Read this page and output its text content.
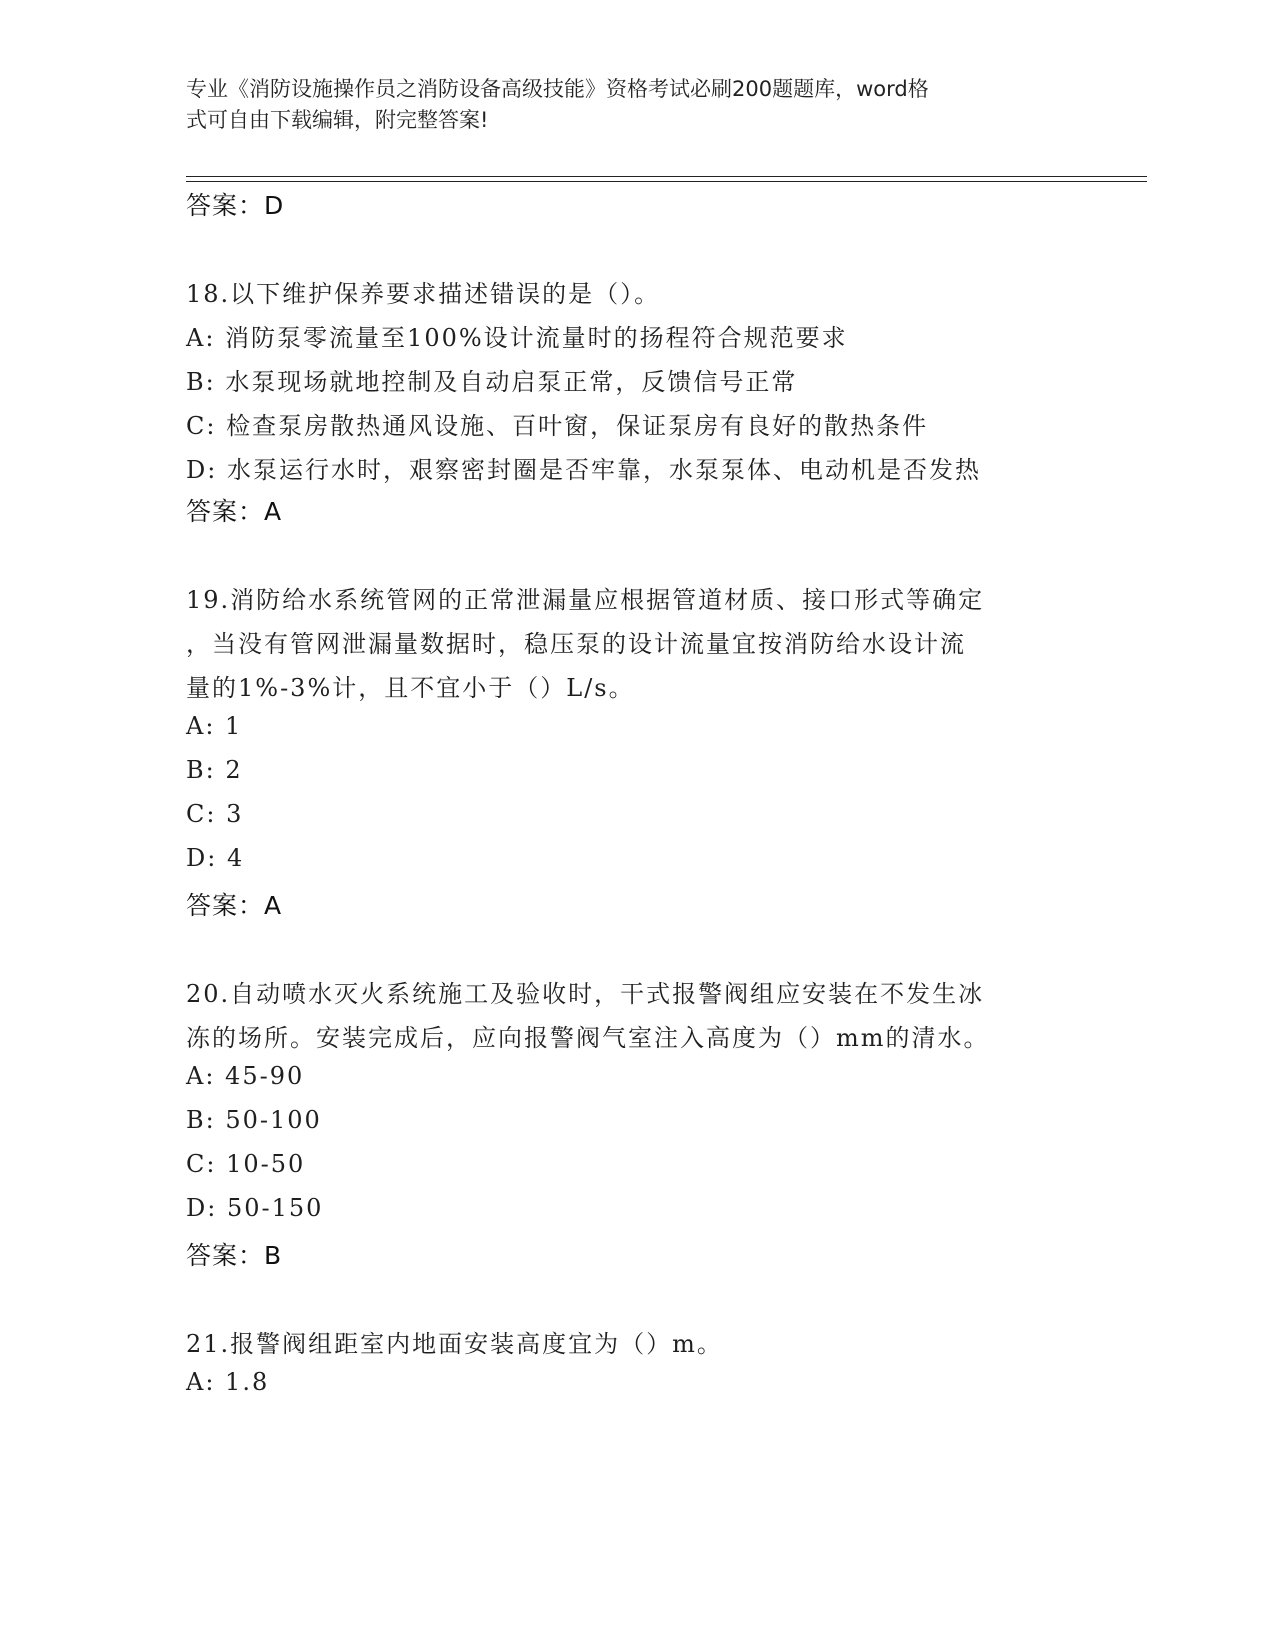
专业《消防设施操作员之消防设备高级技能》资格考试必刷200题题库，word格
式可自由下载编辑，附完整答案!
答案：D
18.以下维护保养要求描述错误的是（）。
A: 消防泵零流量至100%设计流量时的扬程符合规范要求
B: 水泵现场就地控制及自动启泵正常，反馈信号正常
C: 检查泵房散热通风设施、百叶窗，保证泵房有良好的散热条件
D: 水泵运行水时，艰察密封圈是否牢靠，水泵泵体、电动机是否发热
答案：A
19.消防给水系统管网的正常泄漏量应根据管道材质、接口形式等确定
，当没有管网泄漏量数据时，稳压泵的设计流量宜按消防给水设计流
量的1%-3%计，且不宜小于（）L/s。
A: 1
B: 2
C: 3
D: 4
答案：A
20.自动喷水灭火系统施工及验收时，干式报警阀组应安装在不发生冰
冻的场所。安装完成后，应向报警阀气室注入高度为（）mm的清水。
A: 45-90
B: 50-100
C: 10-50
D: 50-150
答案：B
21.报警阀组距室内地面安装高度宜为（）m。
A: 1.8
